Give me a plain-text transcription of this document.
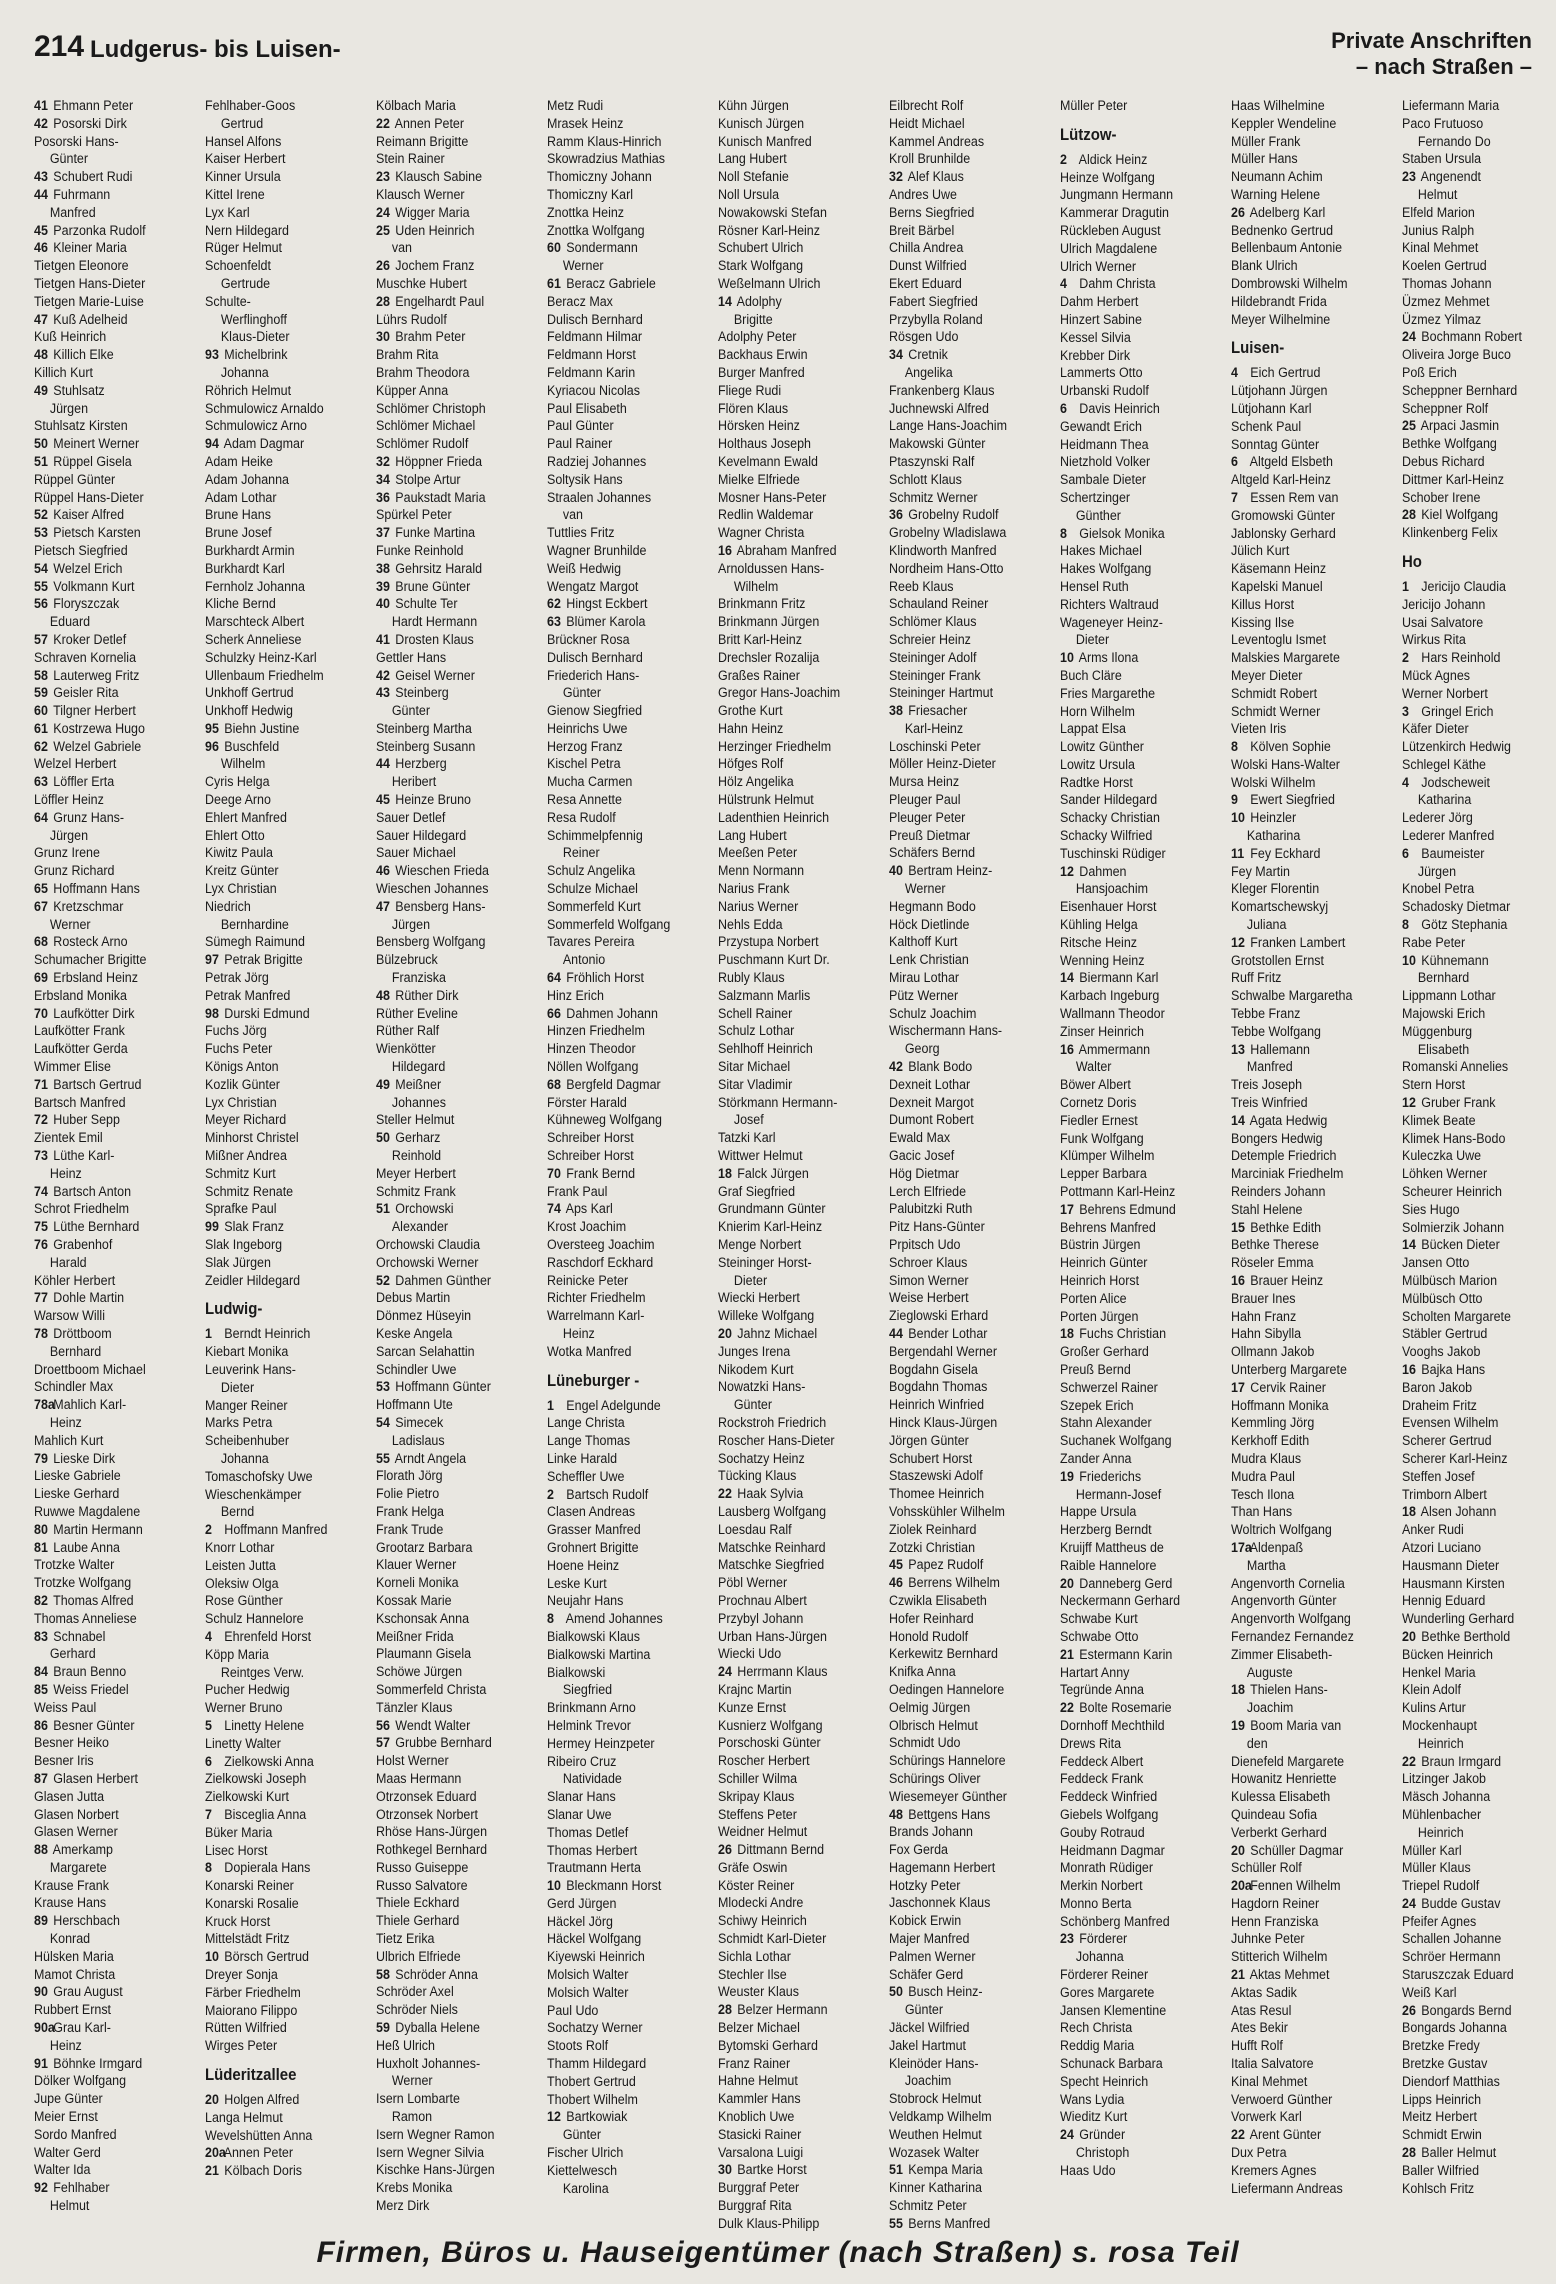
214 Ludgerus- bis Luisen-	Private Anschriften
– nach Straßen –
41 Ehmann Peter
42 Posorski Dirk
Posorski Hans-
Günter
43 Schubert Rudi
44 Fuhrmann
Manfred
45 Parzonka Rudolf
46 Kleiner Maria
Tietgen Eleonore
Tietgen Hans-Dieter
Tietgen Marie-Luise
47 Kuß Adelheid
Kuß Heinrich
48 Killich Elke
Killich Kurt
49 Stuhlsatz
Jürgen
Stuhlsatz Kirsten
50 Meinert Werner
51 Rüppel Gisela
Rüppel Günter
Rüppel Hans-Dieter
52 Kaiser Alfred
53 Pietsch Karsten
Pietsch Siegfried
54 Welzel Erich
55 Volkmann Kurt
56 Floryszczak
Eduard
57 Kroker Detlef
Schraven Kornelia
58 Lauterweg Fritz
59 Geisler Rita
60 Tilgner Herbert
61 Kostrzewa Hugo
62 Welzel Gabriele
Welzel Herbert
63 Löffler Erta
Löffler Heinz
64 Grunz Hans-
Jürgen
Grunz Irene
Grunz Richard
65 Hoffmann Hans
67 Kretzschmar
Werner
68 Rosteck Arno
Schumacher Brigitte
69 Erbsland Heinz
Erbsland Monika
70 Laufkötter Dirk
Laufkötter Frank
Laufkötter Gerda
Wimmer Elise
71 Bartsch Gertrud
Bartsch Manfred
72 Huber Sepp
Zientek Emil
73 Lüthe Karl-
Heinz
74 Bartsch Anton
Schrot Friedhelm
75 Lüthe Bernhard
76 Grabenhof
Harald
Köhler Herbert
77 Dohle Martin
Warsow Willi
78 Dröttboom
Bernhard
Droettboom Michael
Schindler Max
78a Mahlich Karl-
Heinz
Mahlich Kurt
79 Lieske Dirk
Lieske Gabriele
Lieske Gerhard
Ruwwe Magdalene
80 Martin Hermann
81 Laube Anna
Trotzke Walter
Trotzke Wolfgang
82 Thomas Alfred
Thomas Anneliese
83 Schnabel
Gerhard
84 Braun Benno
85 Weiss Friedel
Weiss Paul
86 Besner Günter
Besner Heiko
Besner Iris
87 Glasen Herbert
Glasen Jutta
Glasen Norbert
Glasen Werner
88 Amerkamp
Margarete
Krause Frank
Krause Hans
89 Herschbach
Konrad
Hülsken Maria
Mamot Christa
90 Grau August
Rubbert Ernst
90a Grau Karl-
Heinz
91 Böhnke Irmgard
Dölker Wolfgang
Jupe Günter
Meier Ernst
Sordo Manfred
Walter Gerd
Walter Ida
92 Fehlhaber
Helmut
Fehlhaber-Goos
Gertrud
Hansel Alfons
Kaiser Herbert
Kinner Ursula
Kittel Irene
Lyx Karl
Nern Hildegard
Rüger Helmut
Schoenfeldt
Gertrude
Schulte-
Werflinghoff
Klaus-Dieter
93 Michelbrink
Johanna
Röhrich Helmut
Schmulowicz Arnaldo
Schmulowicz Arno
94 Adam Dagmar
Adam Heike
Adam Johanna
Adam Lothar
Brune Hans
Brune Josef
Burkhardt Armin
Burkhardt Karl
Fernholz Johanna
Kliche Bernd
Marschteck Albert
Scherk Anneliese
Schulzky Heinz-Karl
Ullenbaum Friedhelm
Unkhoff Gertrud
Unkhoff Hedwig
95 Biehn Justine
96 Buschfeld
Wilhelm
Cyris Helga
Deege Arno
Ehlert Manfred
Ehlert Otto
Kiwitz Paula
Kreitz Günter
Lyx Christian
Niedrich
Bernhardine
Sümegh Raimund
97 Petrak Brigitte
Petrak Jörg
Petrak Manfred
98 Durski Edmund
Fuchs Jörg
Fuchs Peter
Königs Anton
Kozlik Günter
Lyx Christian
Meyer Richard
Minhorst Christel
Mißner Andrea
Schmitz Kurt
Schmitz Renate
Sprafke Paul
99 Slak Franz
Slak Ingeborg
Slak Jürgen
Zeidler Hildegard
Ludwig-
1 Berndt Heinrich
Kiebart Monika
Leuverink Hans-
Dieter
Manger Reiner
Marks Petra
Scheibenhuber
Johanna
Tomaschofsky Uwe
Wieschenkämper
Bernd
2 Hoffmann Manfred
Knorr Lothar
Leisten Jutta
Oleksiw Olga
Rose Günther
Schulz Hannelore
4 Ehrenfeld Horst
Köpp Maria
Reintges Verw.
Pucher Hedwig
Werner Bruno
5 Linetty Helene
Linetty Walter
6 Zielkowski Anna
Zielkowski Joseph
Zielkowski Kurt
7 Bisceglia Anna
Büker Maria
Lisec Horst
8 Dopierala Hans
Konarski Reiner
Konarski Rosalie
Kruck Horst
Mittelstädt Fritz
10 Börsch Gertrud
Dreyer Sonja
Färber Friedhelm
Maiorano Filippo
Rütten Wilfried
Wirges Peter
Lüderitzallee
20 Holgen Alfred
Langa Helmut
Wevelshütten Anna
20a Annen Peter
21 Kölbach Doris
Kölbach Maria
22 Annen Peter
Reimann Brigitte
Stein Rainer
23 Klausch Sabine
Klausch Werner
24 Wigger Maria
25 Uden Heinrich
van
26 Jochem Franz
Muschke Hubert
28 Engelhardt Paul
Lührs Rudolf
30 Brahm Peter
Brahm Rita
Brahm Theodora
Küpper Anna
Schlömer Christoph
Schlömer Michael
Schlömer Rudolf
32 Höppner Frieda
34 Stolpe Artur
36 Paukstadt Maria
Spürkel Peter
37 Funke Martina
Funke Reinhold
38 Gehrsitz Harald
39 Brune Günter
40 Schulte Ter
Hardt Hermann
41 Drosten Klaus
Gettler Hans
42 Geisel Werner
43 Steinberg
Günter
Steinberg Martha
Steinberg Susann
44 Herzberg
Heribert
45 Heinze Bruno
Sauer Detlef
Sauer Hildegard
Sauer Michael
46 Wieschen Frieda
Wieschen Johannes
47 Bensberg Hans-
Jürgen
Bensberg Wolfgang
Bülzebruck
Franziska
48 Rüther Dirk
Rüther Eveline
Rüther Ralf
Wienkötter
Hildegard
49 Meißner
Johannes
Steller Helmut
50 Gerharz
Reinhold
Meyer Herbert
Schmitz Frank
51 Orchowski
Alexander
Orchowski Claudia
Orchowski Werner
52 Dahmen Günther
Debus Martin
Dönmez Hüseyin
Keske Angela
Sarcan Selahattin
Schindler Uwe
53 Hoffmann Günter
Hoffmann Ute
54 Simecek
Ladislaus
55 Arndt Angela
Florath Jörg
Folie Pietro
Frank Helga
Frank Trude
Grootarz Barbara
Klauer Werner
Korneli Monika
Kossak Marie
Kschonsak Anna
Meißner Frida
Plaumann Gisela
Schöwe Jürgen
Sommerfeld Christa
Tänzler Klaus
56 Wendt Walter
57 Grubbe Bernhard
Holst Werner
Maas Hermann
Otrzonsek Eduard
Otrzonsek Norbert
Rhöse Hans-Jürgen
Rothkegel Bernhard
Russo Guiseppe
Russo Salvatore
Thiele Eckhard
Thiele Gerhard
Tietz Erika
Ulbrich Elfriede
58 Schröder Anna
Schröder Axel
Schröder Niels
59 Dyballa Helene
Heß Ulrich
Huxholt Johannes-
Werner
Isern Lombarte
Ramon
Isern Wegner Ramon
Isern Wegner Silvia
Kischke Hans-Jürgen
Krebs Monika
Merz Dirk
Metz Rudi
Mrasek Heinz
Ramm Klaus-Hinrich
Skowradzius Mathias
Thomiczny Johann
Thomiczny Karl
Znottka Heinz
Znottka Wolfgang
60 Sondermann
Werner
61 Beracz Gabriele
Beracz Max
Dulisch Bernhard
Feldmann Hilmar
Feldmann Horst
Feldmann Karin
Kyriacou Nicolas
Paul Elisabeth
Paul Günter
Paul Rainer
Radziej Johannes
Soltysik Hans
Straalen Johannes
van
Tuttlies Fritz
Wagner Brunhilde
Weiß Hedwig
Wengatz Margot
62 Hingst Eckbert
63 Blümer Karola
Brückner Rosa
Dulisch Bernhard
Friederich Hans-
Günter
Gienow Siegfried
Heinrichs Uwe
Herzog Franz
Kischel Petra
Mucha Carmen
Resa Annette
Resa Rudolf
Schimmelpfennig
Reiner
Schulz Angelika
Schulze Michael
Sommerfeld Kurt
Sommerfeld Wolfgang
Tavares Pereira
Antonio
64 Fröhlich Horst
Hinz Erich
66 Dahmen Johann
Hinzen Friedhelm
Hinzen Theodor
Nöllen Wolfgang
68 Bergfeld Dagmar
Förster Harald
Kühneweg Wolfgang
Schreiber Horst
Schreiber Horst
70 Frank Bernd
Frank Paul
74 Aps Karl
Krost Joachim
Oversteeg Joachim
Raschdorf Eckhard
Reinicke Peter
Richter Friedhelm
Warrelmann Karl-
Heinz
Wotka Manfred
Lüneburger -
1 Engel Adelgunde
Lange Christa
Lange Thomas
Linke Harald
Scheffler Uwe
2 Bartsch Rudolf
Clasen Andreas
Grasser Manfred
Grohnert Brigitte
Hoene Heinz
Leske Kurt
Neujahr Hans
8 Amend Johannes
Bialkowski Klaus
Bialkowski Martina
Bialkowski
Siegfried
Brinkmann Arno
Helmink Trevor
Hermey Heinzpeter
Ribeiro Cruz
Natividade
Slanar Hans
Slanar Uwe
Thomas Detlef
Thomas Herbert
Trautmann Herta
10 Bleckmann Horst
Gerd Jürgen
Häckel Jörg
Häckel Wolfgang
Kiyewski Heinrich
Molsich Walter
Molsich Walter
Paul Udo
Sochatzy Werner
Stoots Rolf
Thamm Hildegard
Thobert Gertrud
Thobert Wilhelm
12 Bartkowiak
Günter
Fischer Ulrich
Kiettelwesch
Karolina
Kühn Jürgen
Kunisch Jürgen
Kunisch Manfred
Lang Hubert
Noll Stefanie
Noll Ursula
Nowakowski Stefan
Rösner Karl-Heinz
Schubert Ulrich
Stark Wolfgang
Weßelmann Ulrich
14 Adolphy
Brigitte
Adolphy Peter
Backhaus Erwin
Burger Manfred
Fliege Rudi
Flören Klaus
Hörsken Heinz
Holthaus Joseph
Kevelmann Ewald
Mielke Elfriede
Mosner Hans-Peter
Redlin Waldemar
Wagner Christa
16 Abraham Manfred
Arnoldussen Hans-
Wilhelm
Brinkmann Fritz
Brinkmann Jürgen
Britt Karl-Heinz
Drechsler Rozalija
Graßes Rainer
Gregor Hans-Joachim
Grothe Kurt
Hahn Heinz
Herzinger Friedhelm
Höfges Rolf
Hölz Angelika
Hülstrunk Helmut
Ladenthien Heinrich
Lang Hubert
Meeßen Peter
Menn Normann
Narius Frank
Narius Werner
Nehls Edda
Przystupa Norbert
Puschmann Kurt Dr.
Rubly Klaus
Salzmann Marlis
Schell Rainer
Schulz Lothar
Sehlhoff Heinrich
Sitar Michael
Sitar Vladimir
Störkmann Hermann-
Josef
Tatzki Karl
Wittwer Helmut
18 Falck Jürgen
Graf Siegfried
Grundmann Günter
Knierim Karl-Heinz
Menge Norbert
Steininger Horst-
Dieter
Wiecki Herbert
Willeke Wolfgang
20 Jahnz Michael
Junges Irena
Nikodem Kurt
Nowatzki Hans-
Günter
Rockstroh Friedrich
Roscher Hans-Dieter
Sochatzy Heinz
Tücking Klaus
22 Haak Sylvia
Lausberg Wolfgang
Loesdau Ralf
Matschke Reinhard
Matschke Siegfried
Pöbl Werner
Prochnau Albert
Przybyl Johann
Urban Hans-Jürgen
Wiecki Udo
24 Herrmann Klaus
Krajnc Martin
Kunze Ernst
Kusnierz Wolfgang
Porschoski Günter
Roscher Herbert
Schiller Wilma
Skripay Klaus
Steffens Peter
Weidner Helmut
26 Dittmann Bernd
Gräfe Oswin
Köster Reiner
Mlodecki Andre
Schiwy Heinrich
Schmidt Karl-Dieter
Sichla Lothar
Stechler Ilse
Weuster Klaus
28 Belzer Hermann
Belzer Michael
Bytomski Gerhard
Franz Rainer
Hahne Helmut
Kammler Hans
Knoblich Uwe
Stasicki Rainer
Varsalona Luigi
30 Bartke Horst
Burggraf Peter
Burggraf Rita
Dulk Klaus-Philipp
Eilbrecht Rolf
Heidt Michael
Kammel Andreas
Kroll Brunhilde
32 Alef Klaus
Andres Uwe
Berns Siegfried
Breit Bärbel
Chilla Andrea
Dunst Wilfried
Ekert Eduard
Fabert Siegfried
Przybylla Roland
Rösgen Udo
34 Cretnik
Angelika
Frankenberg Klaus
Juchnewski Alfred
Lange Hans-Joachim
Makowski Günter
Ptaszynski Ralf
Schlott Klaus
Schmitz Werner
36 Grobelny Rudolf
Grobelny Wladislawa
Klindworth Manfred
Nordheim Hans-Otto
Reeb Klaus
Schauland Reiner
Schlömer Klaus
Schreier Heinz
Steininger Adolf
Steininger Frank
Steininger Hartmut
38 Friesacher
Karl-Heinz
Loschinski Peter
Möller Heinz-Dieter
Mursa Heinz
Pleuger Paul
Pleuger Peter
Preuß Dietmar
Schäfers Bernd
40 Bertram Heinz-
Werner
Hegmann Bodo
Höck Dietlinde
Kalthoff Kurt
Lenk Christian
Mirau Lothar
Pütz Werner
Schulz Joachim
Wischermann Hans-
Georg
42 Blank Bodo
Dexneit Lothar
Dexneit Margot
Dumont Robert
Ewald Max
Gacic Josef
Hög Dietmar
Lerch Elfriede
Palubitzki Ruth
Pitz Hans-Günter
Prpitsch Udo
Schroer Klaus
Simon Werner
Weise Herbert
Zieglowski Erhard
44 Bender Lothar
Bergendahl Werner
Bogdahn Gisela
Bogdahn Thomas
Heinrich Winfried
Hinck Klaus-Jürgen
Jörgen Günter
Schubert Horst
Staszewski Adolf
Thomee Heinrich
Vohsskühler Wilhelm
Ziolek Reinhard
Zotzki Christian
45 Papez Rudolf
46 Berrens Wilhelm
Czwikla Elisabeth
Hofer Reinhard
Honold Rudolf
Kerkewitz Bernhard
Knifka Anna
Oedingen Hannelore
Oelmig Jürgen
Olbrisch Helmut
Schmidt Udo
Schürings Hannelore
Schürings Oliver
Wiesemeyer Günther
48 Bettgens Hans
Brands Johann
Fox Gerda
Hagemann Herbert
Hotzky Peter
Jaschonnek Klaus
Kobick Erwin
Majer Manfred
Palmen Werner
Schäfer Gerd
50 Busch Heinz-
Günter
Jäckel Wilfried
Jakel Hartmut
Kleinöder Hans-
Joachim
Stobrock Helmut
Veldkamp Wilhelm
Weuthen Helmut
Wozasek Walter
51 Kempa Maria
Kinner Katharina
Schmitz Peter
55 Berns Manfred
Müller Peter
Lützow-
2 Aldick Heinz
Heinze Wolfgang
Jungmann Hermann
Kammerar Dragutin
Rückleben August
Ulrich Magdalene
Ulrich Werner
4 Dahm Christa
Dahm Herbert
Hinzert Sabine
Kessel Silvia
Krebber Dirk
Lammerts Otto
Urbanski Rudolf
6 Davis Heinrich
Gewandt Erich
Heidmann Thea
Nietzhold Volker
Sambale Dieter
Schertzinger
Günther
8 Gielsok Monika
Hakes Michael
Hakes Wolfgang
Hensel Ruth
Richters Waltraud
Wageneyer Heinz-
Dieter
10 Arms Ilona
Buch Cläre
Fries Margarethe
Horn Wilhelm
Lappat Elsa
Lowitz Günther
Lowitz Ursula
Radtke Horst
Sander Hildegard
Schacky Christian
Schacky Wilfried
Tuschinski Rüdiger
12 Dahmen
Hansjoachim
Eisenhauer Horst
Kühling Helga
Ritsche Heinz
Wenning Heinz
14 Biermann Karl
Karbach Ingeburg
Wallmann Theodor
Zinser Heinrich
16 Ammermann
Walter
Böwer Albert
Cornetz Doris
Fiedler Ernest
Funk Wolfgang
Klümper Wilhelm
Lepper Barbara
Pottmann Karl-Heinz
17 Behrens Edmund
Behrens Manfred
Büstrin Jürgen
Heinrich Günter
Heinrich Horst
Porten Alice
Porten Jürgen
18 Fuchs Christian
Großer Gerhard
Preuß Bernd
Schwerzel Rainer
Szepek Erich
Stahn Alexander
Suchanek Wolfgang
Zander Anna
19 Friederichs
Hermann-Josef
Happe Ursula
Herzberg Berndt
Kruijff Mattheus de
Raible Hannelore
20 Danneberg Gerd
Neckermann Gerhard
Schwabe Kurt
Schwabe Otto
21 Estermann Karin
Hartart Anny
Tegründe Anna
22 Bolte Rosemarie
Dornhoff Mechthild
Drews Rita
Feddeck Albert
Feddeck Frank
Feddeck Winfried
Giebels Wolfgang
Gouby Rotraud
Heidmann Dagmar
Monrath Rüdiger
Merkin Norbert
Monno Berta
Schönberg Manfred
23 Förderer
Johanna
Förderer Reiner
Gores Margarete
Jansen Klementine
Rech Christa
Reddig Maria
Schunack Barbara
Specht Heinrich
Wans Lydia
Wieditz Kurt
24 Gründer
Christoph
Haas Udo
Haas Wilhelmine
Keppler Wendeline
Müller Frank
Müller Hans
Neumann Achim
Warning Helene
26 Adelberg Karl
Bednenko Gertrud
Bellenbaum Antonie
Blank Ulrich
Dombrowski Wilhelm
Hildebrandt Frida
Meyer Wilhelmine
Luisen-
4 Eich Gertrud
Lütjohann Jürgen
Lütjohann Karl
Schenk Paul
Sonntag Günter
6 Altgeld Elsbeth
Altgeld Karl-Heinz
7 Essen Rem van
Gromowski Günter
Jablonsky Gerhard
Jülich Kurt
Käsemann Heinz
Kapelski Manuel
Killus Horst
Kissing Ilse
Leventoglu Ismet
Malskies Margarete
Meyer Dieter
Schmidt Robert
Schmidt Werner
Vieten Iris
8 Kölven Sophie
Wolski Hans-Walter
Wolski Wilhelm
9 Ewert Siegfried
10 Heinzler
Katharina
11 Fey Eckhard
Fey Martin
Kleger Florentin
Komartschewskyj
Juliana
12 Franken Lambert
Grotstollen Ernst
Ruff Fritz
Schwalbe Margaretha
Tebbe Franz
Tebbe Wolfgang
13 Hallemann
Manfred
Treis Joseph
Treis Winfried
14 Agata Hedwig
Bongers Hedwig
Detemple Friedrich
Marciniak Friedhelm
Reinders Johann
Stahl Helene
15 Bethke Edith
Bethke Therese
Röseler Emma
16 Brauer Heinz
Brauer Ines
Hahn Franz
Hahn Sibylla
Ollmann Jakob
Unterberg Margarete
17 Cervik Rainer
Hoffmann Monika
Kemmling Jörg
Kerkhoff Edith
Mudra Klaus
Mudra Paul
Tesch Ilona
Than Hans
Woltrich Wolfgang
17a Aldenpaß
Martha
Angenvorth Cornelia
Angenvorth Günter
Angenvorth Wolfgang
Fernandez Fernandez
Zimmer Elisabeth-
Auguste
18 Thielen Hans-
Joachim
19 Boom Maria van
den
Dienefeld Margarete
Howanitz Henriette
Kulessa Elisabeth
Quindeau Sofia
Verberkt Gerhard
20 Schüller Dagmar
Schüller Rolf
20a Fennen Wilhelm
Hagdorn Reiner
Henn Franziska
Juhnke Peter
Stitterich Wilhelm
21 Aktas Mehmet
Aktas Sadik
Atas Resul
Ates Bekir
Hufft Rolf
Italia Salvatore
Kinal Mehmet
Verwoerd Günther
Vorwerk Karl
22 Arent Günter
Dux Petra
Kremers Agnes
Liefermann Andreas
Liefermann Maria
Paco Frutuoso
Fernando Do
Staben Ursula
23 Angenendt
Helmut
Elfeld Marion
Junius Ralph
Kinal Mehmet
Koelen Gertrud
Thomas Johann
Üzmez Mehmet
Üzmez Yilmaz
24 Bochmann Robert
Oliveira Jorge Buco
Poß Erich
Scheppner Bernhard
Scheppner Rolf
25 Arpaci Jasmin
Bethke Wolfgang
Debus Richard
Dittmer Karl-Heinz
Schober Irene
28 Kiel Wolfgang
Klinkenberg Felix
Ho
1 Jericijo Claudia
Jericijo Johann
Usai Salvatore
Wirkus Rita
2 Hars Reinhold
Mück Agnes
Werner Norbert
3 Gringel Erich
Käfer Dieter
Lützenkirch Hedwig
Schlegel Käthe
4 Jodscheweit
Katharina
Lederer Jörg
Lederer Manfred
6 Baumeister
Jürgen
Knobel Petra
Schadosky Dietmar
8 Götz Stephania
Rabe Peter
10 Kühnemann
Bernhard
Lippmann Lothar
Majowski Erich
Müggenburg
Elisabeth
Romanski Annelies
Stern Horst
12 Gruber Frank
Klimek Beate
Klimek Hans-Bodo
Kuleczka Uwe
Löhken Werner
Scheurer Heinrich
Sies Hugo
Solmierzik Johann
14 Bücken Dieter
Jansen Otto
Mülbüsch Marion
Mülbüsch Otto
Scholten Margarete
Stäbler Gertrud
Vooghs Jakob
16 Bajka Hans
Baron Jakob
Draheim Fritz
Evensen Wilhelm
Scherer Gertrud
Scherer Karl-Heinz
Steffen Josef
Trimborn Albert
18 Alsen Johann
Anker Rudi
Atzori Luciano
Hausmann Dieter
Hausmann Kirsten
Hennig Eduard
Wunderling Gerhard
20 Bethke Berthold
Bücken Heinrich
Henkel Maria
Klein Adolf
Kulins Artur
Mockenhaupt
Heinrich
22 Braun Irmgard
Litzinger Jakob
Mäsch Johanna
Mühlenbacher
Heinrich
Müller Karl
Müller Klaus
Triepel Rudolf
24 Budde Gustav
Pfeifer Agnes
Schallen Johanne
Schröer Hermann
Staruszczak Eduard
Weiß Karl
26 Bongards Bernd
Bongards Johanna
Bretzke Fredy
Bretzke Gustav
Diendorf Matthias
Lipps Heinrich
Meitz Herbert
Schmidt Erwin
28 Baller Helmut
Baller Wilfried
Kohlsch Fritz
Firmen, Büros u. Hauseigentümer (nach Straßen) s. rosa Teil
